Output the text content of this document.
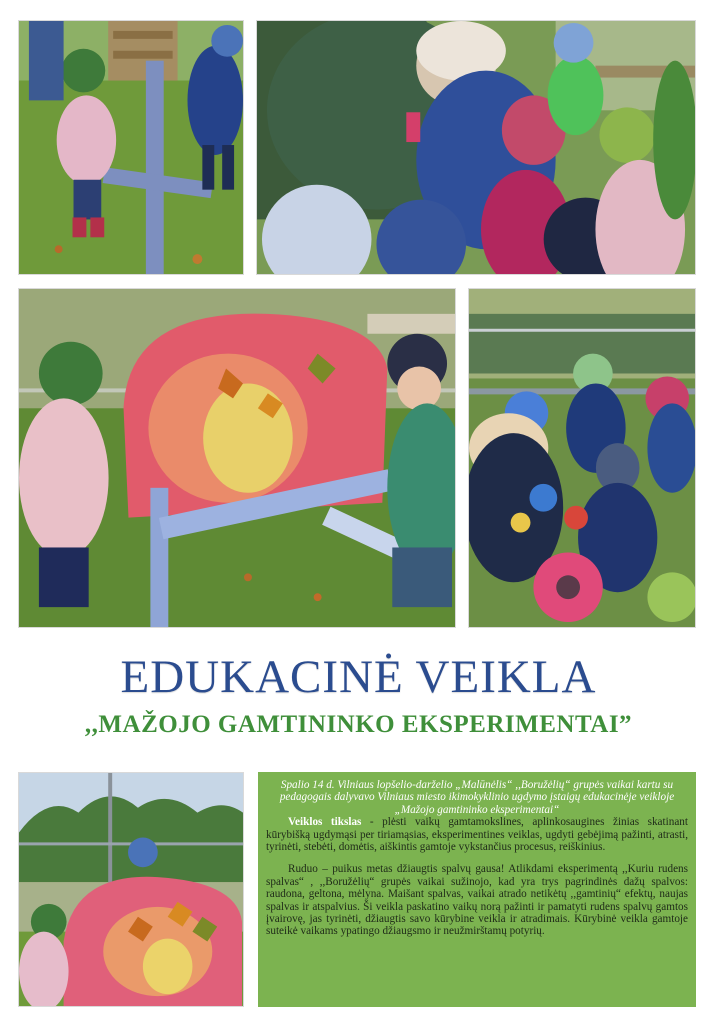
EDUKACINĖ VEIKLA
,,MAŽOJO GAMTININKO EKSPERIMENTAI”

Spalio 14 d. Vilniaus lopšelio-darželio „Malūnėlis“ ,,Boružėlių“ grupės vaikai kartu su pedagogais dalyvavo Vilniaus miesto ikimokyklinio ugdymo įstaigų edukacinėje veikloje „Mažojo gamtininko eksperimentai“

Veiklos tikslas - plėsti vaikų gamtamokslines, aplinkosaugines žinias skatinant kūrybišką ugdymąsi per tiriamąsias, eksperimentines veiklas, ugdyti gebėjimą pažinti, atrasti, tyrinėti, stebėti, domėtis, aiškintis gamtoje vykstančius procesus, reiškinius.

Ruduo – puikus metas džiaugtis spalvų gausa! Atlikdami eksperimentą ,,Kuriu rudens spalvas“ , ,,Boružėlių“ grupės vaikai sužinojo, kad yra trys pagrindinės dažų spalvos: raudona, geltona, mėlyna. Maišant spalvas, vaikai atrado netikėtų ,,gamtinių“ efektų, naujas spalvas ir atspalvius. Ši veikla paskatino vaikų norą pažinti ir pamatyti rudens spalvų gamtos įvairovę, jas tyrinėti, džiaugtis savo kūrybine veikla ir atradimais. Kūrybinė veikla gamtoje suteikė vaikams ypatingo džiaugsmo ir neužmirštamų potyrių.
